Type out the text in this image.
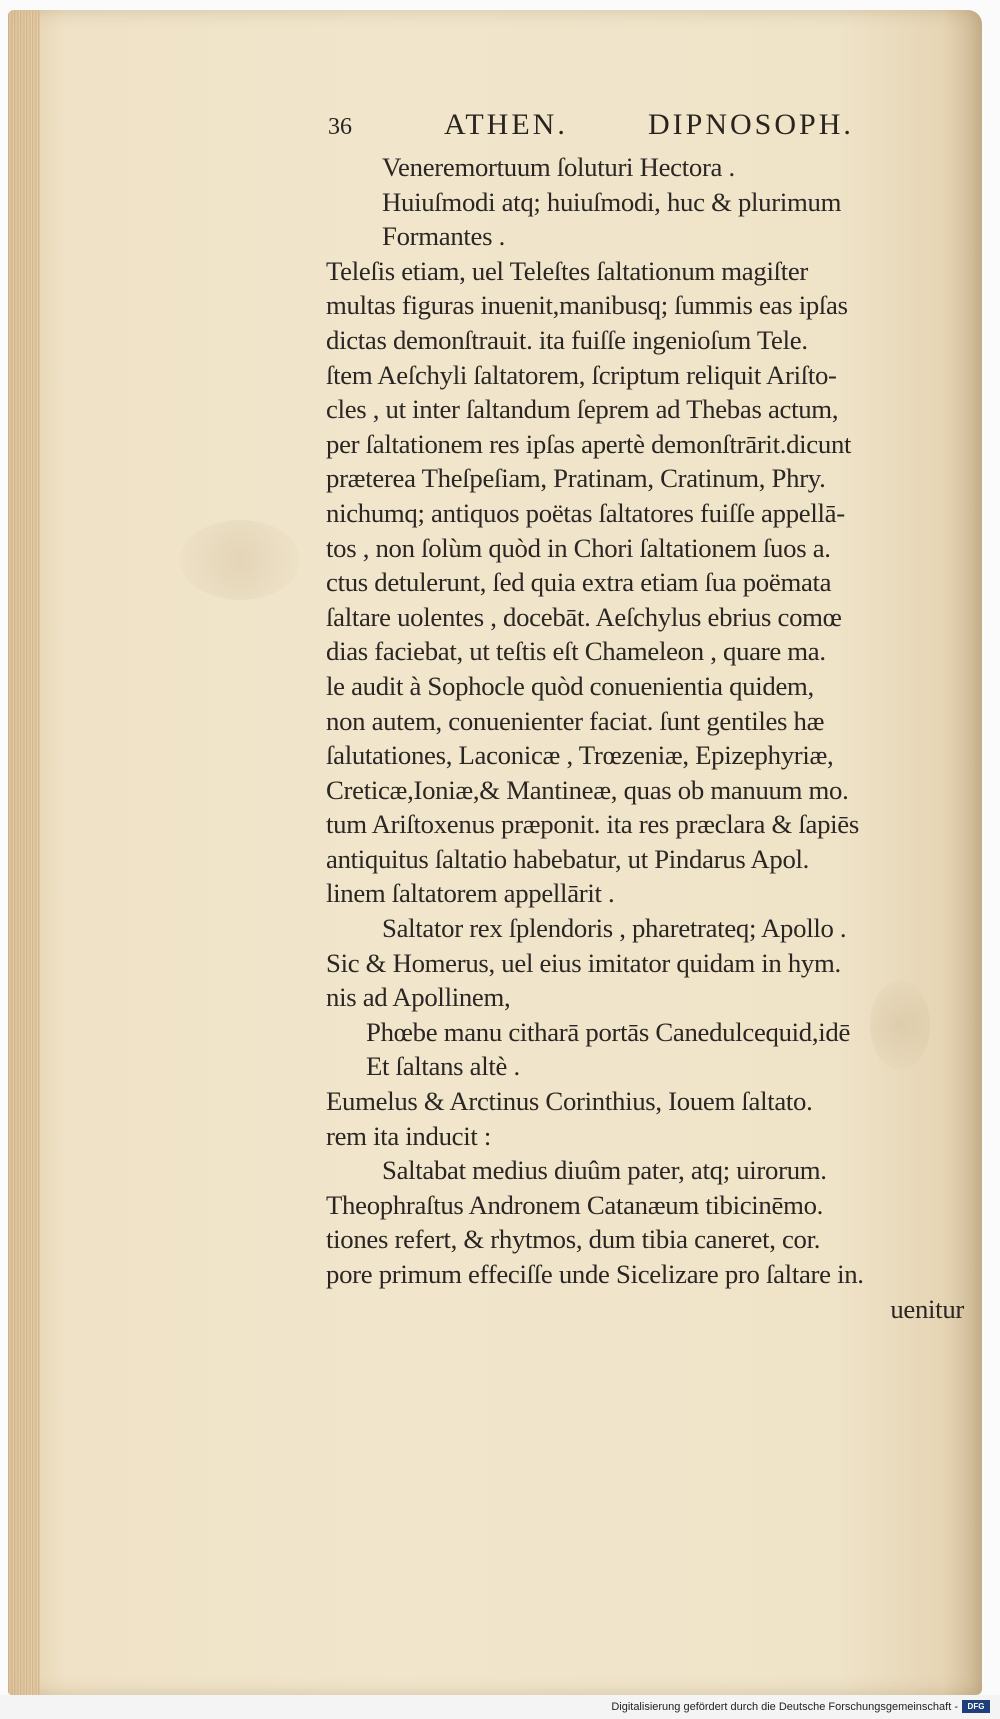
36	ATHEN.	DIPNOSOPH.
Veneremortuum ſoluturi Hectora .
Huiuſmodi atq; huiuſmodi, huc & plurimum
Formantes .
Teleſis etiam, uel Teleſtes ſaltationum magiſter
multas figuras inuenit,manibusq; ſummis eas ipſas
dictas demonſtrauit. ita fuiſſe ingenioſum Tele.
ſtem Aeſchyli ſaltatorem, ſcriptum reliquit Ariſto-
cles , ut inter ſaltandum ſeprem ad Thebas actum,
per ſaltationem res ipſas apertè demonſtrārit.dicunt
præterea Theſpeſiam, Pratinam, Cratinum, Phry.
nichumq; antiquos poëtas ſaltatores fuiſſe appellā-
tos , non ſolùm quòd in Chori ſaltationem ſuos a.
ctus detulerunt, ſed quia extra etiam ſua poëmata
ſaltare uolentes , docebāt. Aeſchylus ebrius comœ
dias faciebat, ut teſtis eſt Chameleon , quare ma.
le audit à Sophocle quòd conuenientia quidem,
non autem, conuenienter faciat. ſunt gentiles hæ
ſalutationes, Laconicæ , Trœzeniæ, Epizephyriæ,
Creticæ,Ioniæ,& Mantineæ, quas ob manuum mo.
tum Ariſtoxenus præponit. ita res præclara & ſapiēs
antiquitus ſaltatio habebatur, ut Pindarus Apol.
linem ſaltatorem appellārit .
Saltator rex ſplendoris , pharetrateq; Apollo .
Sic & Homerus, uel eius imitator quidam in hym.
nis ad Apollinem,
Phœbe manu citharā portās Canedulcequid,idē
Et ſaltans altè .
Eumelus & Arctinus Corinthius, Iouem ſaltato.
rem ita inducit :
Saltabat medius diuûm pater, atq; uirorum.
Theophraſtus Andronem Catanæum tibicinēmo.
tiones refert, & rhytmos, dum tibia caneret, cor.
pore primum effeciſſe unde Sicelizare pro ſaltare in.
uenitur
Digitalisierung gefördert durch die Deutsche Forschungsgemeinschaft -	DFG
